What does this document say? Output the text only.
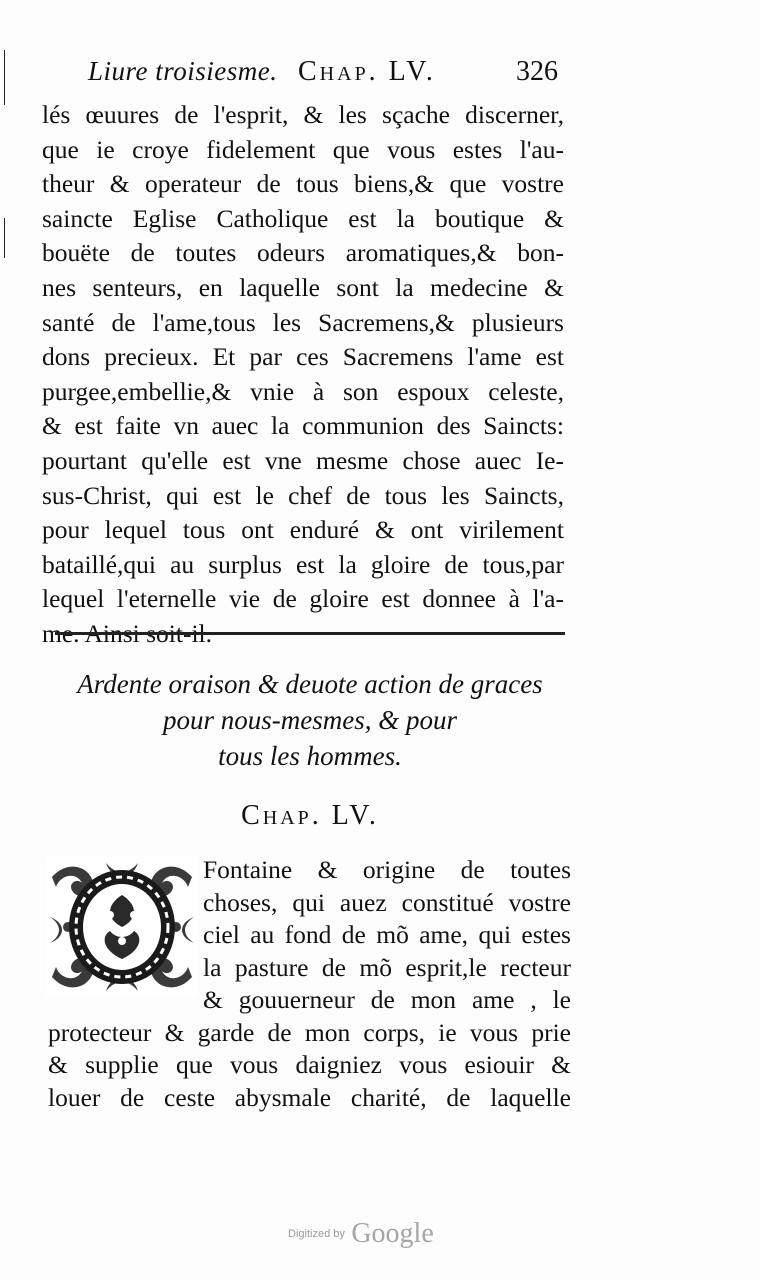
Liure troisiesme. Chap. LV.	326
lés œuures de l'esprit, & les sçache discerner,
que ie croye fidelement que vous estes l'au-
theur & operateur de tous biens,& que vostre
saincte Eglise Catholique est la boutique &
bouëte de toutes odeurs aromatiques,& bon-
nes senteurs, en laquelle sont la medecine &
santé de l'ame,tous les Sacremens,& plusieurs
dons precieux. Et par ces Sacremens l'ame est
purgee,embellie,& vnie à son espoux celeste,
& est faite vn auec la communion des Saincts:
pourtant qu'elle est vne mesme chose auec Ie-
sus-Christ, qui est le chef de tous les Saincts,
pour lequel tous ont enduré & ont virilement
bataillé,qui au surplus est la gloire de tous,par
lequel l'eternelle vie de gloire est donnee à l'a-
me. Ainsi soit-il.
Ardente oraison & deuote action de graces
pour nous-mesmes, & pour
tous les hommes.
Chap. LV.
Fontaine & origine de toutes
choses, qui auez constitué vostre
ciel au fond de mõ ame, qui estes
la pasture de mõ esprit,le recteur
& gouuerneur de mon ame , le
protecteur & garde de mon corps, ie vous prie
& supplie que vous daigniez vous esiouir &
louer de ceste abysmale charité, de laquelle
Digitized by Google
